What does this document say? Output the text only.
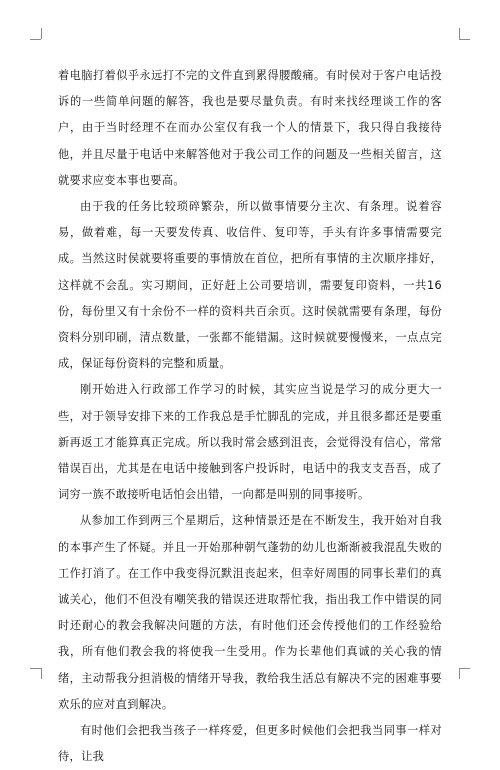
着电脑打着似乎永远打不完的文件直到累得腰酸痛。有时侯对于客户电话投诉的一些简单问题的解答，我也是要尽量负责。有时来找经理谈工作的客户，由于当时经理不在而办公室仅有我一个人的情景下，我只得自我接待他，并且尽量于电话中来解答他对于我公司工作的问题及一些相关留言，这就要求应变本事也要高。

由于我的任务比较琐碎繁杂，所以做事情要分主次、有条理。说着容易，做着难，每一天要发传真、收信件、复印等，手头有许多事情需要完成。当然这时侯就要将重要的事情放在首位，把所有事情的主次顺序排好，这样就不会乱。实习期间，正好赶上公司要培训，需要复印资料，一共16份，每份里又有十余份不一样的资料共百余页。这时侯就需要有条理，每份资料分别印刷，清点数量，一张都不能错漏。这时候就要慢慢来，一点点完成，保证每份资料的完整和质量。

刚开始进入行政部工作学习的时候，其实应当说是学习的成分更大一些，对于领导安排下来的工作我总是手忙脚乱的完成，并且很多都还是要重新再返工才能算真正完成。所以我时常会感到沮丧，会觉得没有信心，常常错误百出，尤其是在电话中接触到客户投诉时，电话中的我支支吾吾，成了词穷一族不敢接听电话怕会出错，一向都是叫别的同事接听。

从参加工作到两三个星期后，这种情景还是在不断发生，我开始对自我的本事产生了怀疑。并且一开始那种朝气蓬勃的幼儿也渐渐被我混乱失败的工作打消了。在工作中我变得沉默沮丧起来，但幸好周围的同事长辈们的真诚关心，他们不但没有嘲笑我的错误还进取帮忙我，指出我工作中错误的同时还耐心的教会我解决问题的方法，有时他们还会传授他们的工作经验给我，所有他们教会我的将使我一生受用。作为长辈他们真诚的关心我的情绪，主动帮我分担消极的情绪开导我，教给我生活总有解决不完的困难事要欢乐的应对直到解决。

有时他们会把我当孩子一样疼爱，但更多时候他们会把我当同事一样对待，让我
